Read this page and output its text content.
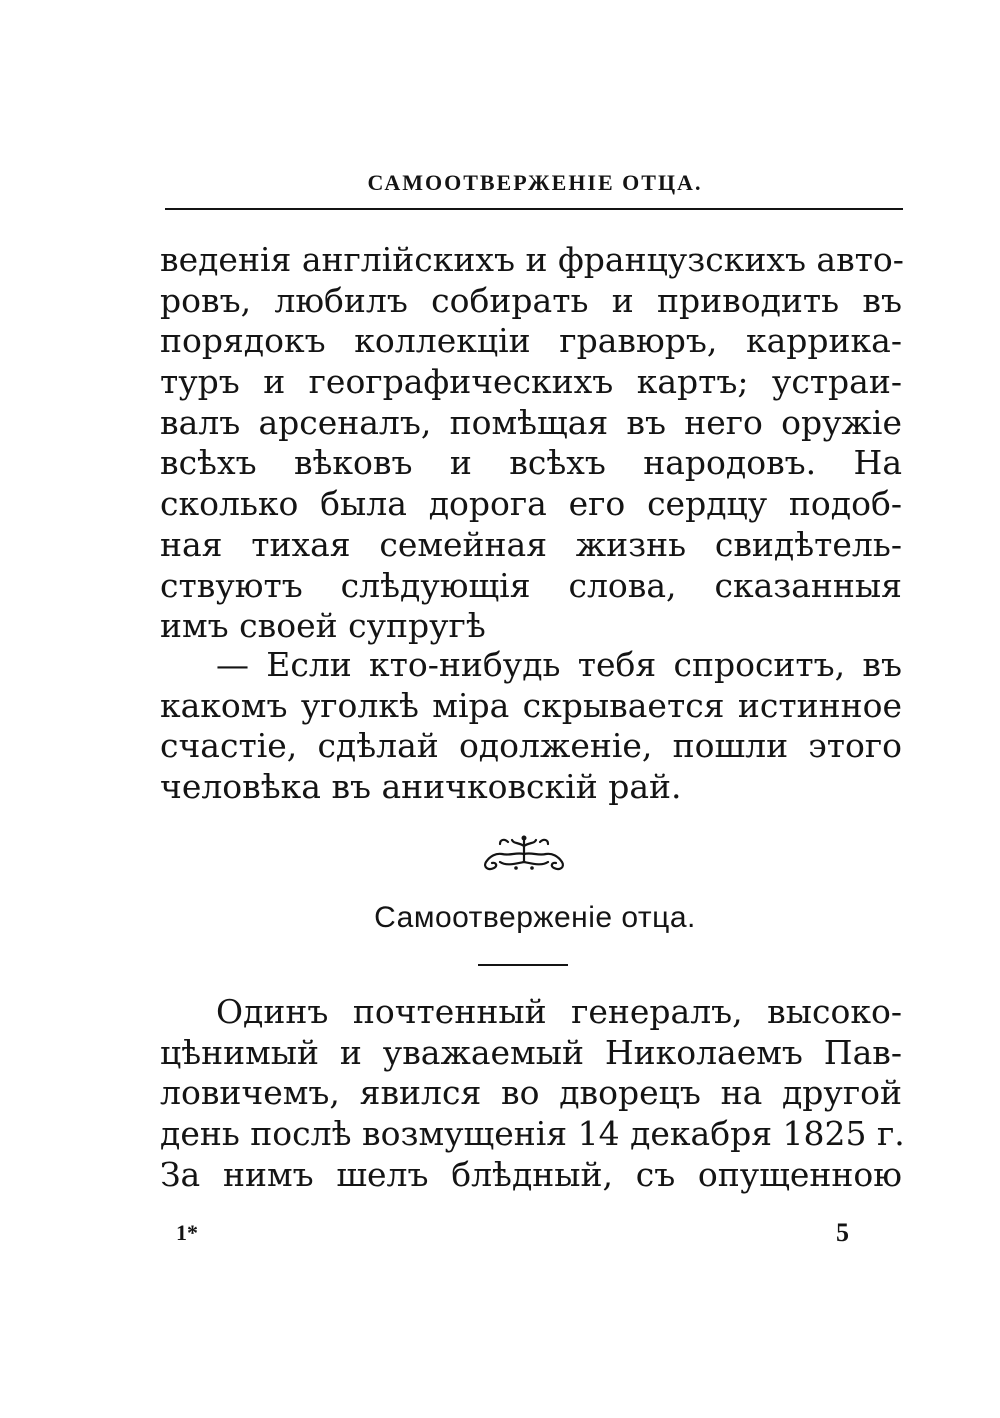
САМООТВЕРЖЕНІЕ ОТЦА.
веденія англійскихъ и французскихъ авто-
ровъ, любилъ собирать и приводить въ
порядокъ коллекціи гравюръ, каррика-
туръ и географическихъ картъ; устраи-
валъ арсеналъ, помѣщая въ него оружіе
всѣхъ вѣковъ и всѣхъ народовъ. На
сколько была дорога его сердцу подоб-
ная тихая семейная жизнь свидѣтель-
ствуютъ слѣдующія слова, сказанныя
имъ своей супругѣ
— Если кто-нибудь тебя спроситъ, въ
какомъ уголкѣ міра скрывается истинное
счастіе, сдѣлай одолженіе, пошли этого
человѣка въ аничковскій рай.
Самоотверженіе отца.
Одинъ почтенный генералъ, высоко-
цѣнимый и уважаемый Николаемъ Пав-
ловичемъ, явился во дворецъ на другой
день послѣ возмущенія 14 декабря 1825 г.
За нимъ шелъ блѣдный, съ опущенною
1*	5
